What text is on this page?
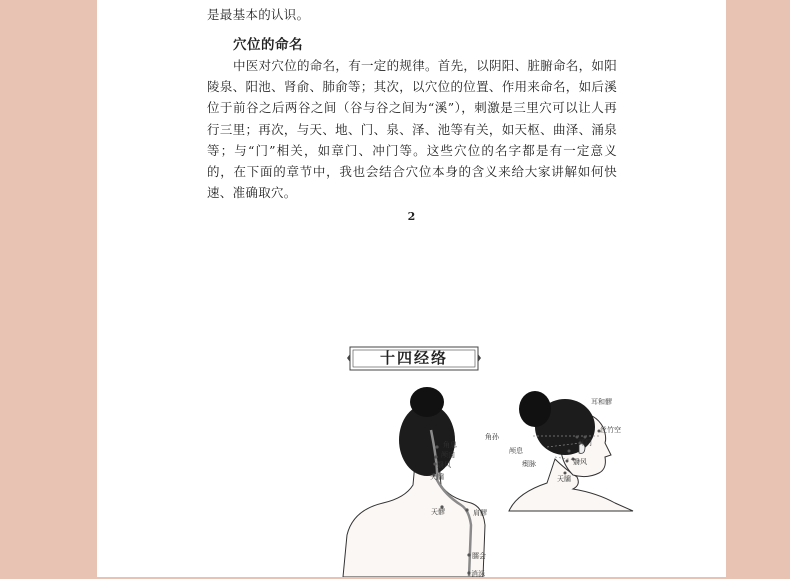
是最基本的认识。
穴位的命名
中医对穴位的命名，有一定的规律。首先，以阴阳、脏腑命名，如阳陵泉、阳池、肾俞、肺俞等；其次，以穴位的位置、作用来命名，如后溪位于前谷之后两谷之间（谷与谷之间为“溪”），刺激是三里穴可以让人再行三里；再次，与天、地、门、泉、泽、池等有关，如天枢、曲泽、涌泉等；与“门”相关，如章门、冲门等。这些穴位的名字都是有一定意义的，在下面的章节中，我也会结合穴位本身的含义来给大家讲解如何快速、准确取穴。
2
十四经络
角息
颅囟
翳风
天牖
天髎	肩髎
臑会
消泺
耳和髎
丝竹空
角孙
耳门
颅息
瘈脉	翳风
天牖
